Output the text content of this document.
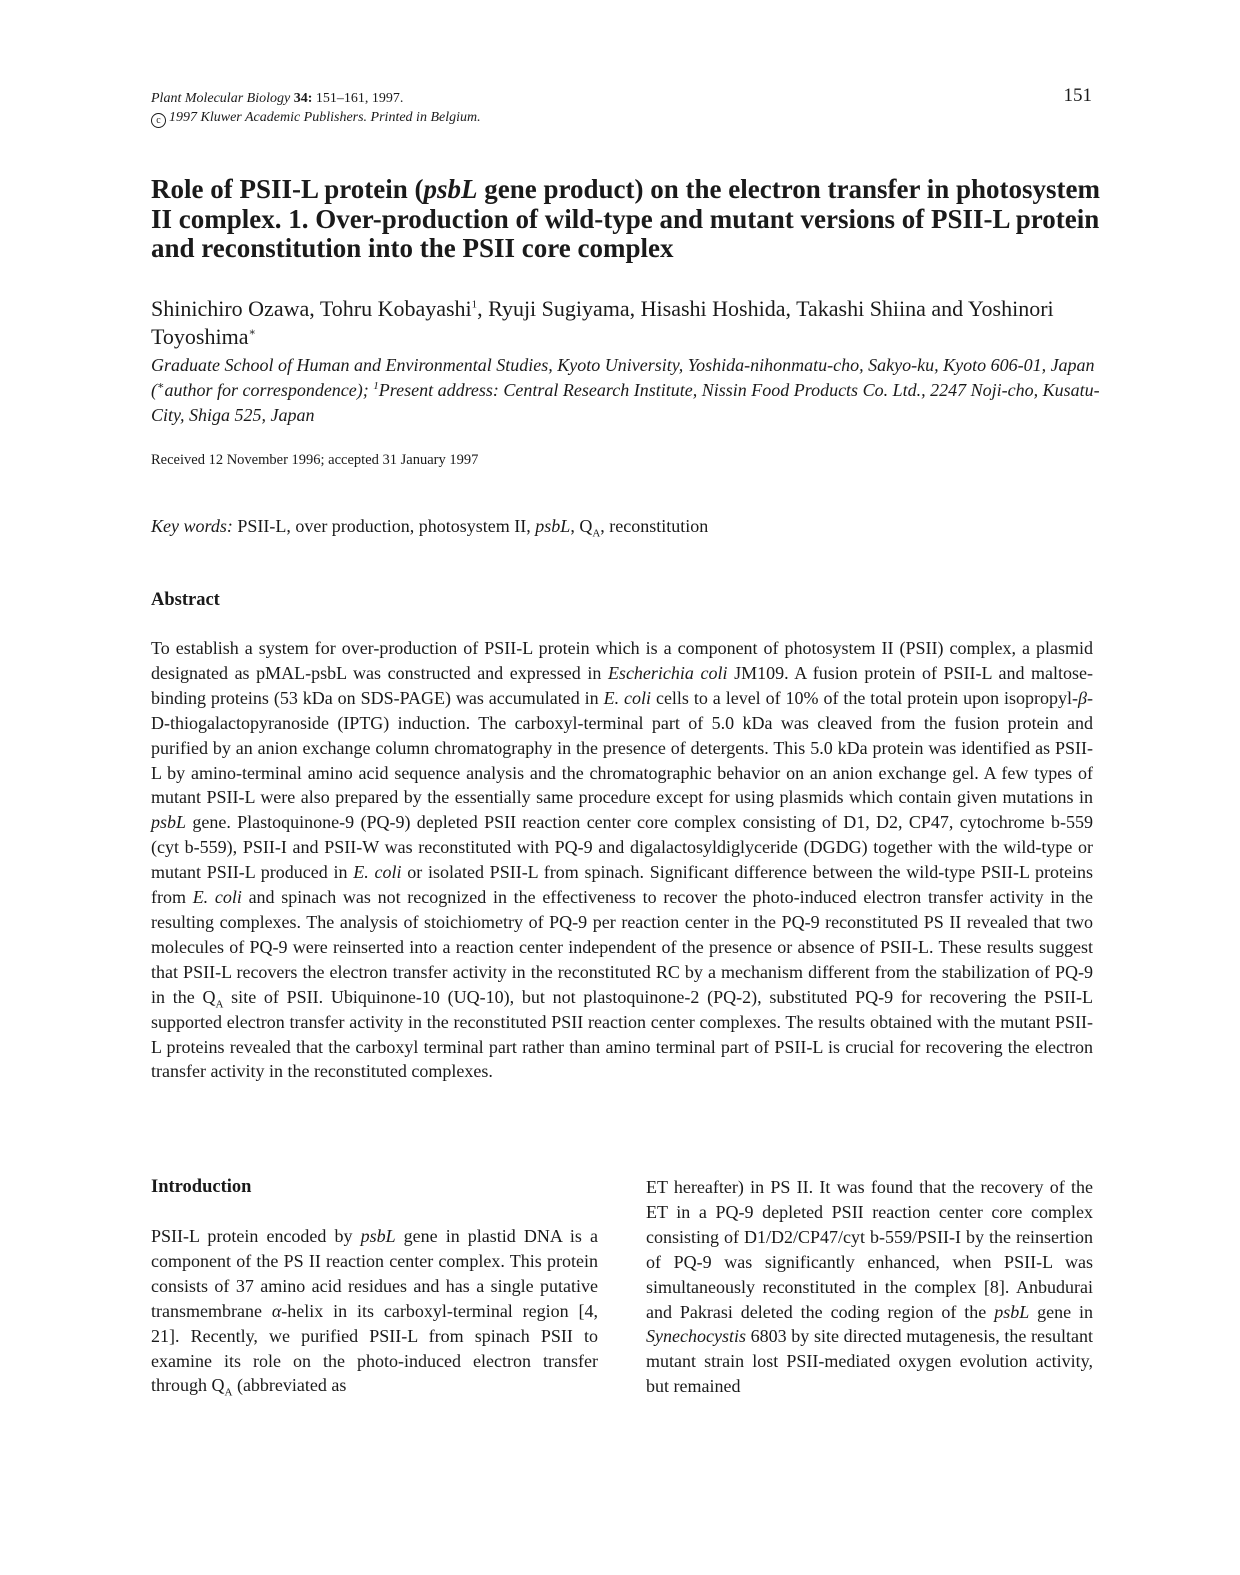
Plant Molecular Biology 34: 151–161, 1997.
c 1997 Kluwer Academic Publishers. Printed in Belgium.
151
Role of PSII-L protein (psbL gene product) on the electron transfer in photosystem II complex. 1. Over-production of wild-type and mutant versions of PSII-L protein and reconstitution into the PSII core complex
Shinichiro Ozawa, Tohru Kobayashi$^1$, Ryuji Sugiyama, Hisashi Hoshida, Takashi Shiina and Yoshinori Toyoshima∗
Graduate School of Human and Environmental Studies, Kyoto University, Yoshida-nihonmatu-cho, Sakyo-ku, Kyoto 606-01, Japan (∗author for correspondence); $^1$Present address: Central Research Institute, Nissin Food Products Co. Ltd., 2247 Noji-cho, Kusatu-City, Shiga 525, Japan
Received 12 November 1996; accepted 31 January 1997
Key words: PSII-L, over production, photosystem II, psbL, $Q_A$, reconstitution
Abstract
To establish a system for over-production of PSII-L protein which is a component of photosystem II (PSII) complex, a plasmid designated as pMAL-psbL was constructed and expressed in Escherichia coli JM109. A fusion protein of PSII-L and maltose-binding proteins (53 kDa on SDS-PAGE) was accumulated in E. coli cells to a level of 10% of the total protein upon isopropyl-β-D-thiogalactopyranoside (IPTG) induction. The carboxyl-terminal part of 5.0 kDa was cleaved from the fusion protein and purified by an anion exchange column chromatography in the presence of detergents. This 5.0 kDa protein was identified as PSII-L by amino-terminal amino acid sequence analysis and the chromatographic behavior on an anion exchange gel. A few types of mutant PSII-L were also prepared by the essentially same procedure except for using plasmids which contain given mutations in psbL gene. Plastoquinone-9 (PQ-9) depleted PSII reaction center core complex consisting of D1, D2, CP47, cytochrome b-559 (cyt b-559), PSII-I and PSII-W was reconstituted with PQ-9 and digalactosyldiglyceride (DGDG) together with the wild-type or mutant PSII-L produced in E. coli or isolated PSII-L from spinach. Significant difference between the wild-type PSII-L proteins from E. coli and spinach was not recognized in the effectiveness to recover the photo-induced electron transfer activity in the resulting complexes. The analysis of stoichiometry of PQ-9 per reaction center in the PQ-9 reconstituted PS II revealed that two molecules of PQ-9 were reinserted into a reaction center independent of the presence or absence of PSII-L. These results suggest that PSII-L recovers the electron transfer activity in the reconstituted RC by a mechanism different from the stabilization of PQ-9 in the $Q_A$ site of PSII. Ubiquinone-10 (UQ-10), but not plastoquinone-2 (PQ-2), substituted PQ-9 for recovering the PSII-L supported electron transfer activity in the reconstituted PSII reaction center complexes. The results obtained with the mutant PSII-L proteins revealed that the carboxyl terminal part rather than amino terminal part of PSII-L is crucial for recovering the electron transfer activity in the reconstituted complexes.
Introduction
PSII-L protein encoded by psbL gene in plastid DNA is a component of the PS II reaction center complex. This protein consists of 37 amino acid residues and has a single putative transmembrane α-helix in its carboxyl-terminal region [4, 21]. Recently, we purified PSII-L from spinach PSII to examine its role on the photo-induced electron transfer through $Q_A$ (abbreviated as
ET hereafter) in PS II. It was found that the recovery of the ET in a PQ-9 depleted PSII reaction center core complex consisting of D1/D2/CP47/cyt b-559/PSII-I by the reinsertion of PQ-9 was significantly enhanced, when PSII-L was simultaneously reconstituted in the complex [8]. Anbudurai and Pakrasi deleted the coding region of the psbL gene in Synechocystis 6803 by site directed mutagenesis, the resultant mutant strain lost PSII-mediated oxygen evolution activity, but remained
